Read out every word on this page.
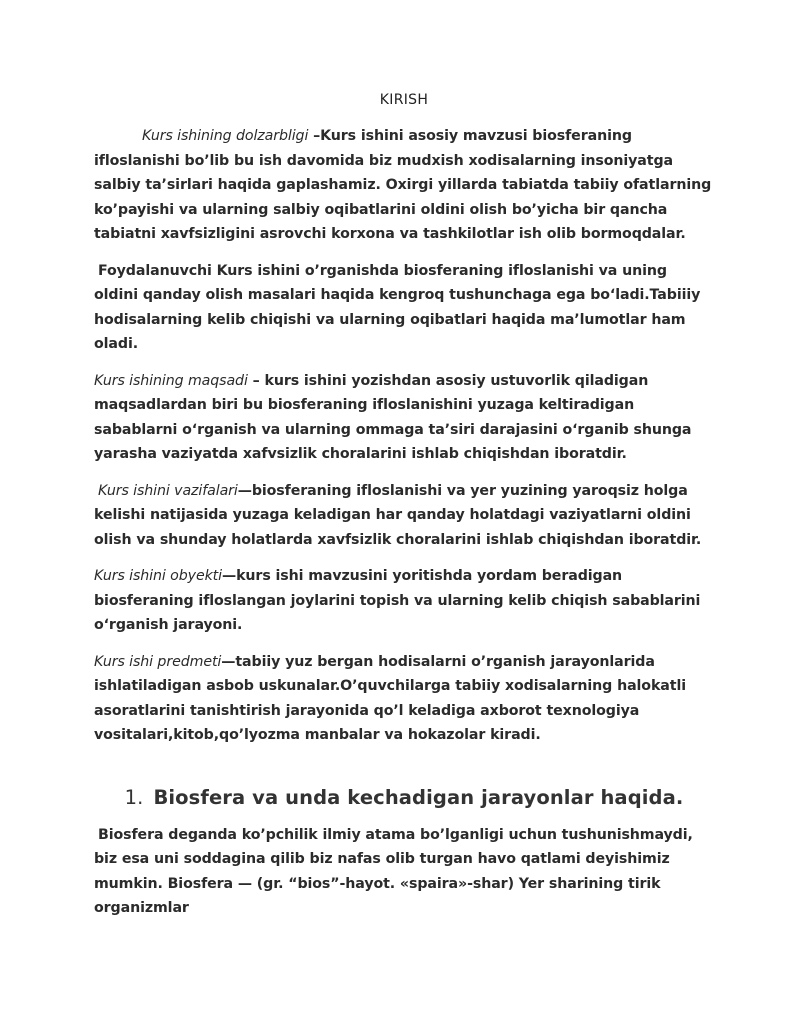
KIRISH

Kurs ishining dolzarbligi –Kurs ishini asosiy mavzusi biosferaning ifloslanishi bo’lib bu ish davomida biz mudxish xodisalarning insoniyatga salbiy ta’sirlari haqida gaplashamiz. Oxirgi yillarda tabiatda tabiiy ofatlarning ko’payishi va ularning salbiy oqibatlarini oldini olish bo’yicha bir qancha tabiatni xavfsizligini asrovchi korxona va tashkilotlar ish olib bormoqdalar.

Foydalanuvchi Kurs ishini o’rganishda biosferaning ifloslanishi va uning oldini qanday olish masalari haqida kengroq tushunchaga ega boʻladi.Tabiiiy hodisalarning kelib chiqishi va ularning oqibatlari haqida ma’lumotlar ham oladi.

Kurs ishining maqsadi – kurs ishini yozishdan asosiy ustuvorlik qiladigan maqsadlardan biri bu biosferaning ifloslanishini yuzaga keltiradigan sabablarni oʻrganish va ularning ommaga taʼsiri darajasini oʻrganib shunga yarasha vaziyatda xafvsizlik choralarini ishlab chiqishdan iboratdir.

Kurs ishini vazifalari—biosferaning ifloslanishi va yer yuzining yaroqsiz holga kelishi natijasida yuzaga keladigan har qanday holatdagi vaziyatlarni oldini olish va shunday holatlarda xavfsizlik choralarini ishlab chiqishdan iboratdir.

Kurs ishini obyekti—kurs ishi mavzusini yoritishda yordam beradigan biosferaning ifloslangan joylarini topish va ularning kelib chiqish sabablarini oʻrganish jarayoni.

Kurs ishi predmeti—tabiiy yuz bergan hodisalarni o’rganish jarayonlarida ishlatiladigan asbob uskunalar.O’quvchilarga tabiiy xodisalarning halokatli asoratlarini tanishtirish jarayonida qo’l keladiga axborot texnologiya vositalari,kitob,qo’lyozma manbalar va hokazolar kiradi.

1. Biosfera va unda kechadigan jarayonlar haqida.

Biosfera deganda ko’pchilik ilmiy atama bo’lganligi uchun tushunishmaydi, biz esa uni soddagina qilib biz nafas olib turgan havo qatlami deyishimiz mumkin. Biosfera — (gr. “bios”-hayot. «spaira»-shar) Yer sharining tirik organizmlar
